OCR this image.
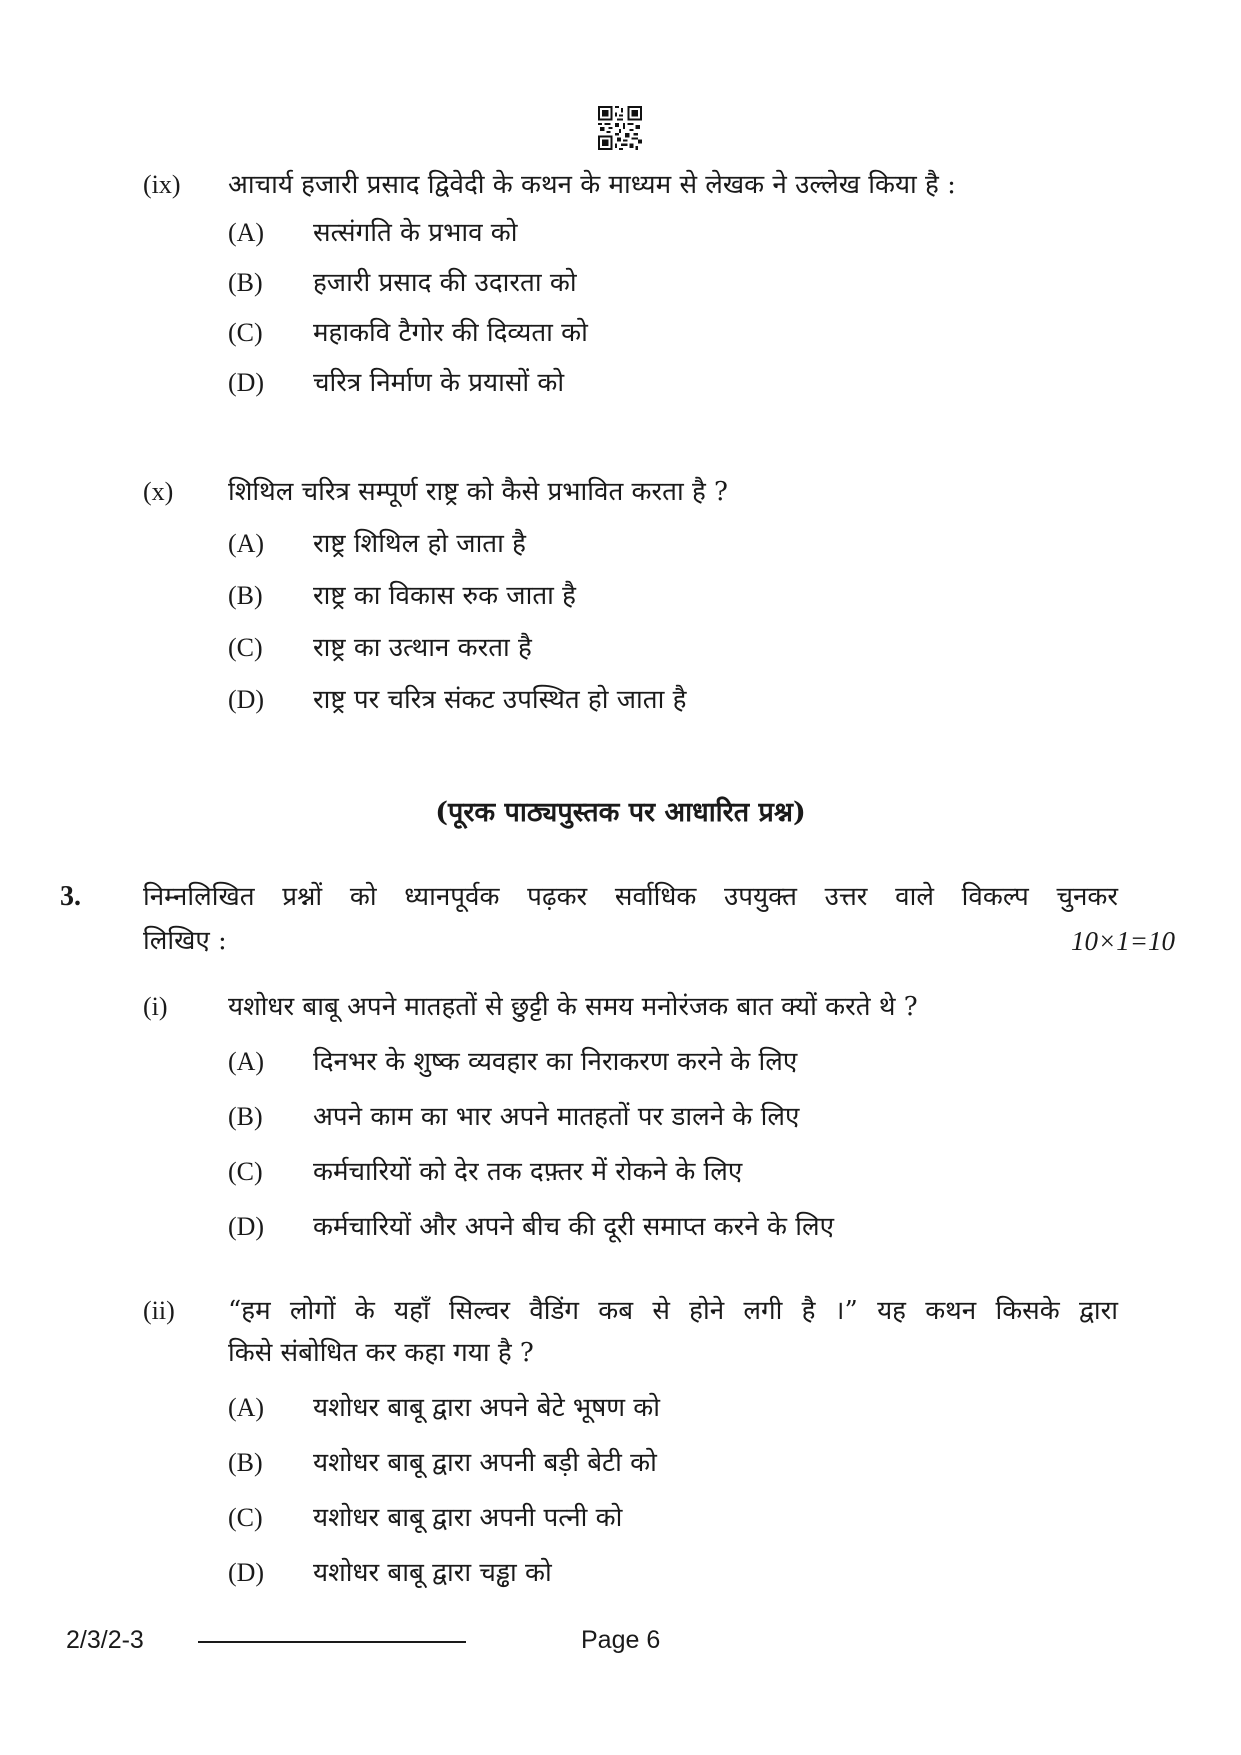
(ix) आचार्य हजारी प्रसाद द्विवेदी के कथन के माध्यम से लेखक ने उल्लेख किया है :
(A) सत्संगति के प्रभाव को
(B) हजारी प्रसाद की उदारता को
(C) महाकवि टैगोर की दिव्यता को
(D) चरित्र निर्माण के प्रयासों को
(x) शिथिल चरित्र सम्पूर्ण राष्ट्र को कैसे प्रभावित करता है ?
(A) राष्ट्र शिथिल हो जाता है
(B) राष्ट्र का विकास रुक जाता है
(C) राष्ट्र का उत्थान करता है
(D) राष्ट्र पर चरित्र संकट उपस्थित हो जाता है
(पूरक पाठ्यपुस्तक पर आधारित प्रश्न)
3. निम्नलिखित प्रश्नों को ध्यानपूर्वक पढ़कर सर्वाधिक उपयुक्त उत्तर वाले विकल्प चुनकर
लिखिए :	10×1=10
(i) यशोधर बाबू अपने मातहतों से छुट्टी के समय मनोरंजक बात क्यों करते थे ?
(A) दिनभर के शुष्क व्यवहार का निराकरण करने के लिए
(B) अपने काम का भार अपने मातहतों पर डालने के लिए
(C) कर्मचारियों को देर तक दफ़्तर में रोकने के लिए
(D) कर्मचारियों और अपने बीच की दूरी समाप्त करने के लिए
(ii) “हम लोगों के यहाँ सिल्वर वैडिंग कब से होने लगी है ।” यह कथन किसके द्वारा
किसे संबोधित कर कहा गया है ?
(A) यशोधर बाबू द्वारा अपने बेटे भूषण को
(B) यशोधर बाबू द्वारा अपनी बड़ी बेटी को
(C) यशोधर बाबू द्वारा अपनी पत्नी को
(D) यशोधर बाबू द्वारा चड्ढा को
2/3/2-3	Page 6
